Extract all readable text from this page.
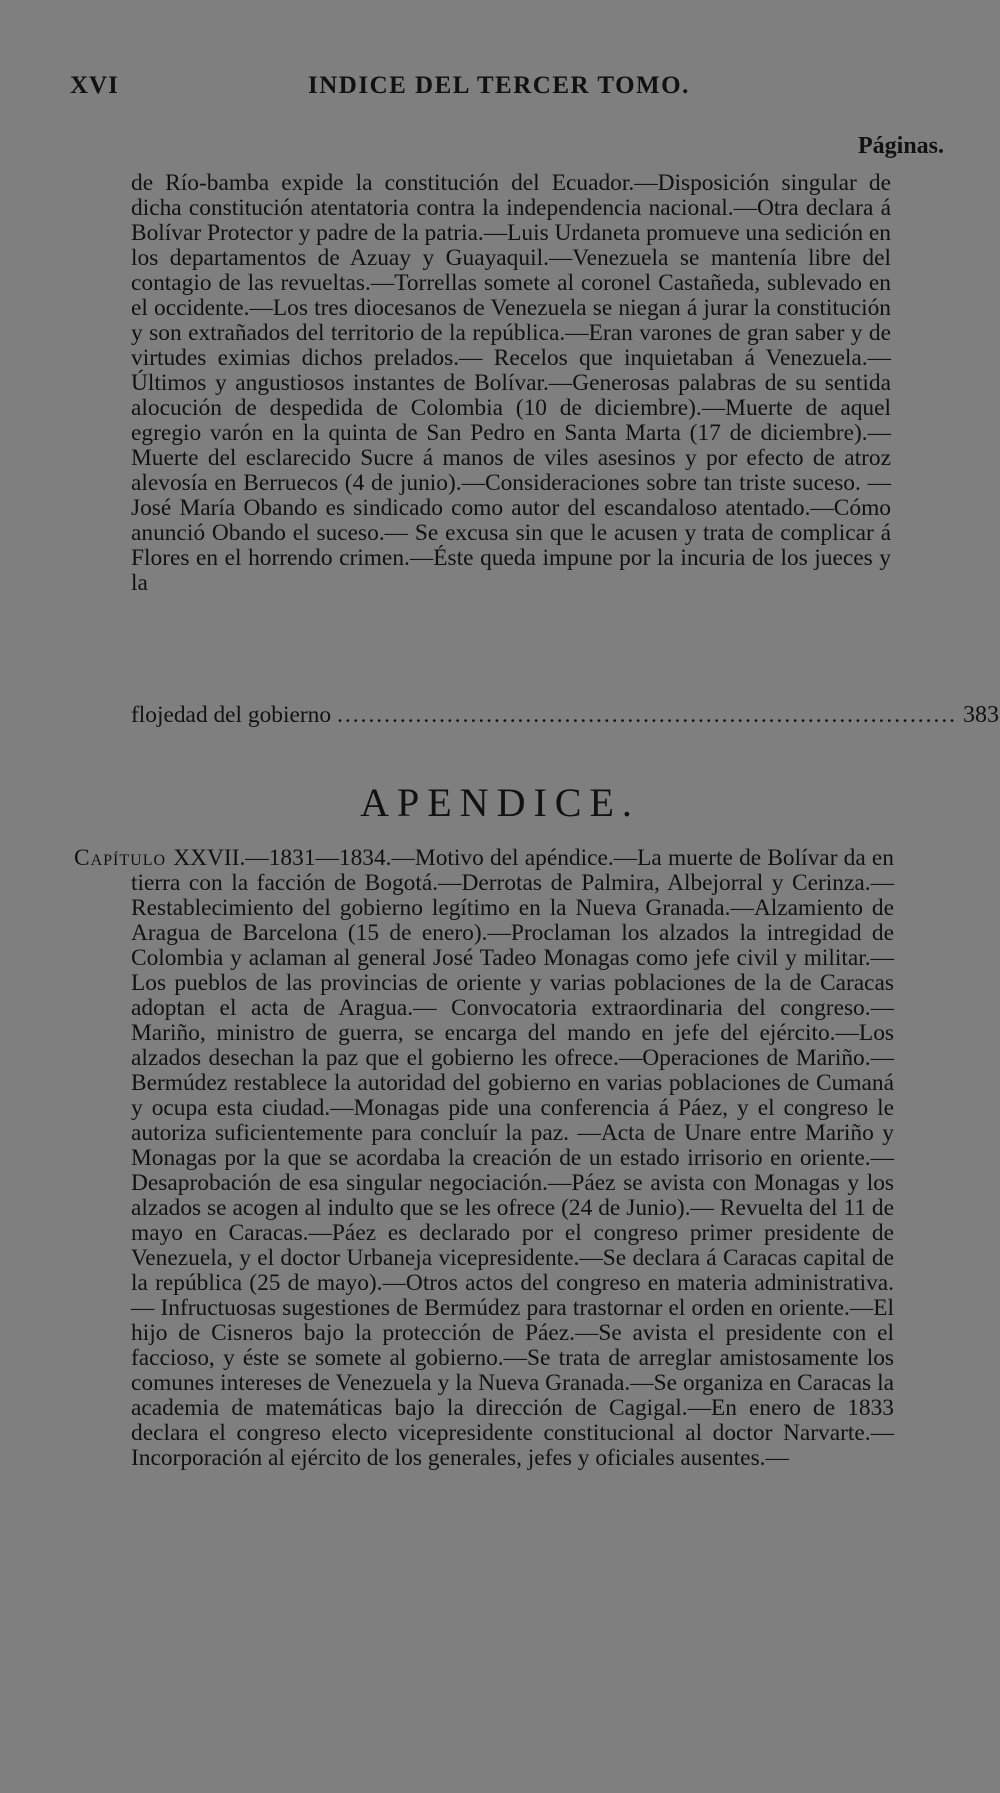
XVI	INDICE DEL TERCER TOMO.
Páginas.
de Río-bamba expide la constitución del Ecuador.—Disposición singular de dicha constitución atentatoria contra la independencia nacional.—Otra declara á Bolívar Protector y padre de la patria.—Luis Urdaneta promueve una sedición en los departamentos de Azuay y Guayaquil.—Venezuela se mantenía libre del contagio de las revueltas.—Torrellas somete al coronel Castañeda, sublevado en el occidente.—Los tres diocesanos de Venezuela se niegan á jurar la constitución y son extrañados del territorio de la república.—Eran varones de gran saber y de virtudes eximias dichos prelados.— Recelos que inquietaban á Venezuela.—Últimos y angustiosos instantes de Bolívar.—Generosas palabras de su sentida alocución de despedida de Colombia (10 de diciembre).—Muerte de aquel egregio varón en la quinta de San Pedro en Santa Marta (17 de diciembre).— Muerte del esclarecido Sucre á manos de viles asesinos y por efecto de atroz alevosía en Berruecos (4 de junio).—Consideraciones sobre tan triste suceso. —José María Obando es sindicado como autor del escandaloso atentado.—Cómo anunció Obando el suceso.— Se excusa sin que le acusen y trata de complicar á Flores en el horrendo crimen.—Éste queda impune por la incuria de los jueces y la
flojedad del gobierno ............................................................................... 383
APENDICE.
Capítulo XXVII.—1831—1834.—Motivo del apéndice.—La muerte de Bolívar da en tierra con la facción de Bogotá.—Derrotas de Palmira, Albejorral y Cerinza.—Restablecimiento del gobierno legítimo en la Nueva Granada.—Alzamiento de Aragua de Barcelona (15 de enero).—Proclaman los alzados la intregidad de Colombia y aclaman al general José Tadeo Monagas como jefe civil y militar.—Los pueblos de las provincias de oriente y varias poblaciones de la de Caracas adoptan el acta de Aragua.— Convocatoria extraordinaria del congreso.—Mariño, ministro de guerra, se encarga del mando en jefe del ejército.—Los alzados desechan la paz que el gobierno les ofrece.—Operaciones de Mariño.—Bermúdez restablece la autoridad del gobierno en varias poblaciones de Cumaná y ocupa esta ciudad.—Monagas pide una conferencia á Páez, y el congreso le autoriza suficientemente para concluír la paz. —Acta de Unare entre Mariño y Monagas por la que se acordaba la creación de un estado irrisorio en oriente.—Desaprobación de esa singular negociación.—Páez se avista con Monagas y los alzados se acogen al indulto que se les ofrece (24 de Junio).— Revuelta del 11 de mayo en Caracas.—Páez es declarado por el congreso primer presidente de Venezuela, y el doctor Urbaneja vicepresidente.—Se declara á Caracas capital de la república (25 de mayo).—Otros actos del congreso en materia administrativa.— Infructuosas sugestiones de Bermúdez para trastornar el orden en oriente.—El hijo de Cisneros bajo la protección de Páez.—Se avista el presidente con el faccioso, y éste se somete al gobierno.—Se trata de arreglar amistosamente los comunes intereses de Venezuela y la Nueva Granada.—Se organiza en Caracas la academia de matemáticas bajo la dirección de Cagigal.—En enero de 1833 declara el congreso electo vicepresidente constitucional al doctor Narvarte.— Incorporación al ejército de los generales, jefes y oficiales ausentes.—
